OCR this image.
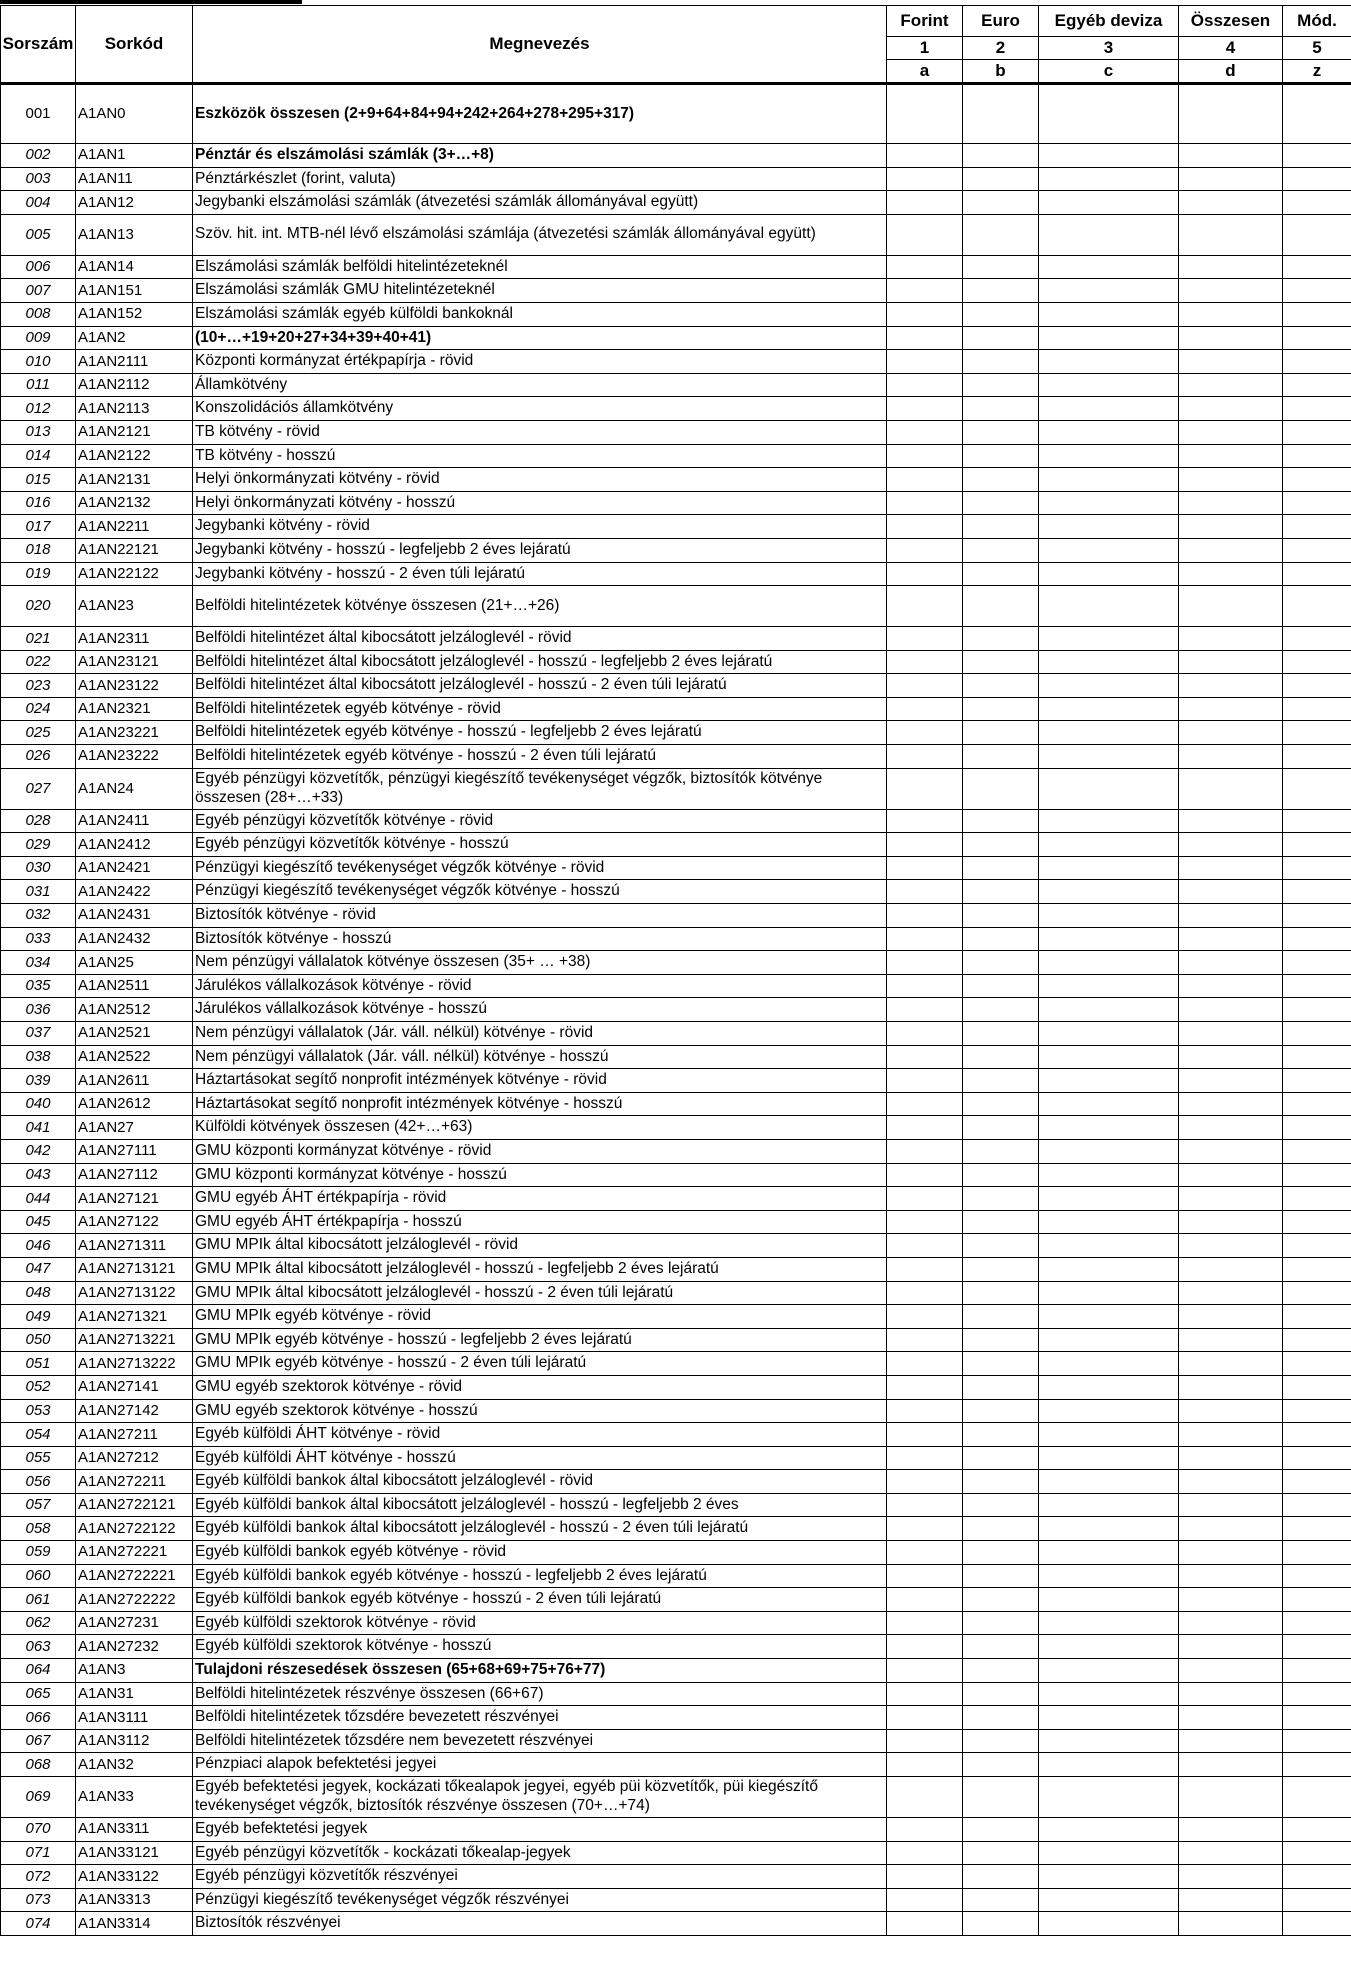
Sorszám	Sorkód	Megnevezés	Forint	Euro	Egyéb deviza	Összesen	Mód.
			1	2	3	4	5
			a	b	c	d	z
001	A1AN0	Eszközök összesen (2+9+64+84+94+242+264+278+295+317)					
002	A1AN1	Pénztár és elszámolási számlák (3+…+8)					
003	A1AN11	Pénztárkészlet (forint, valuta)					
004	A1AN12	Jegybanki elszámolási számlák (átvezetési számlák állományával együtt)					
005	A1AN13	Szöv. hit. int. MTB-nél lévő elszámolási számlája (átvezetési számlák állományával együtt)					
006	A1AN14	Elszámolási számlák belföldi hitelintézeteknél					
007	A1AN151	Elszámolási számlák GMU hitelintézeteknél					
008	A1AN152	Elszámolási számlák egyéb külföldi bankoknál					
009	A1AN2	(10+…+19+20+27+34+39+40+41)					
010	A1AN2111	Központi kormányzat értékpapírja - rövid					
011	A1AN2112	Államkötvény					
012	A1AN2113	Konszolidációs államkötvény					
013	A1AN2121	TB kötvény - rövid					
014	A1AN2122	TB kötvény - hosszú					
015	A1AN2131	Helyi önkormányzati kötvény - rövid					
016	A1AN2132	Helyi önkormányzati kötvény - hosszú					
017	A1AN2211	Jegybanki kötvény - rövid					
018	A1AN22121	Jegybanki kötvény - hosszú - legfeljebb 2 éves lejáratú					
019	A1AN22122	Jegybanki kötvény - hosszú - 2 éven túli lejáratú					
020	A1AN23	Belföldi hitelintézetek kötvénye összesen (21+…+26)					
021	A1AN2311	Belföldi hitelintézet által kibocsátott jelzáloglevél - rövid					
022	A1AN23121	Belföldi hitelintézet által kibocsátott jelzáloglevél - hosszú - legfeljebb 2 éves lejáratú					
023	A1AN23122	Belföldi hitelintézet által kibocsátott jelzáloglevél - hosszú - 2 éven túli lejáratú					
024	A1AN2321	Belföldi hitelintézetek egyéb kötvénye - rövid					
025	A1AN23221	Belföldi hitelintézetek egyéb kötvénye - hosszú - legfeljebb 2 éves lejáratú					
026	A1AN23222	Belföldi hitelintézetek egyéb kötvénye - hosszú - 2 éven túli lejáratú					
027	A1AN24	Egyéb pénzügyi közvetítők, pénzügyi kiegészítő tevékenységet végzők, biztosítók kötvénye összesen (28+…+33)					
028	A1AN2411	Egyéb pénzügyi közvetítők kötvénye - rövid					
029	A1AN2412	Egyéb pénzügyi közvetítők kötvénye - hosszú					
030	A1AN2421	Pénzügyi kiegészítő tevékenységet végzők kötvénye - rövid					
031	A1AN2422	Pénzügyi kiegészítő tevékenységet végzők kötvénye - hosszú					
032	A1AN2431	Biztosítók kötvénye - rövid					
033	A1AN2432	Biztosítók kötvénye - hosszú					
034	A1AN25	Nem pénzügyi vállalatok kötvénye összesen (35+ … +38)					
035	A1AN2511	Járulékos vállalkozások kötvénye - rövid					
036	A1AN2512	Járulékos vállalkozások kötvénye - hosszú					
037	A1AN2521	Nem pénzügyi vállalatok (Jár. váll. nélkül) kötvénye - rövid					
038	A1AN2522	Nem pénzügyi vállalatok (Jár. váll. nélkül) kötvénye - hosszú					
039	A1AN2611	Háztartásokat segítő nonprofit intézmények kötvénye - rövid					
040	A1AN2612	Háztartásokat segítő nonprofit intézmények kötvénye - hosszú					
041	A1AN27	Külföldi kötvények összesen (42+…+63)					
042	A1AN27111	GMU központi kormányzat kötvénye - rövid					
043	A1AN27112	GMU központi kormányzat kötvénye - hosszú					
044	A1AN27121	GMU egyéb ÁHT értékpapírja - rövid					
045	A1AN27122	GMU egyéb ÁHT értékpapírja - hosszú					
046	A1AN271311	GMU MPIk által kibocsátott jelzáloglevél - rövid					
047	A1AN2713121	GMU MPIk által kibocsátott jelzáloglevél - hosszú - legfeljebb 2 éves lejáratú					
048	A1AN2713122	GMU MPIk által kibocsátott jelzáloglevél - hosszú - 2 éven túli lejáratú					
049	A1AN271321	GMU MPIk egyéb kötvénye - rövid					
050	A1AN2713221	GMU MPIk egyéb kötvénye - hosszú - legfeljebb 2 éves lejáratú					
051	A1AN2713222	GMU MPIk egyéb kötvénye - hosszú - 2 éven túli lejáratú					
052	A1AN27141	GMU egyéb szektorok kötvénye - rövid					
053	A1AN27142	GMU egyéb szektorok kötvénye - hosszú					
054	A1AN27211	Egyéb külföldi ÁHT kötvénye - rövid					
055	A1AN27212	Egyéb külföldi ÁHT kötvénye - hosszú					
056	A1AN272211	Egyéb külföldi bankok által kibocsátott jelzáloglevél - rövid					
057	A1AN2722121	Egyéb külföldi bankok által kibocsátott jelzáloglevél - hosszú - legfeljebb 2 éves					
058	A1AN2722122	Egyéb külföldi bankok által kibocsátott jelzáloglevél - hosszú - 2 éven túli lejáratú					
059	A1AN272221	Egyéb külföldi bankok egyéb kötvénye - rövid					
060	A1AN2722221	Egyéb külföldi bankok egyéb kötvénye - hosszú - legfeljebb 2 éves lejáratú					
061	A1AN2722222	Egyéb külföldi bankok egyéb kötvénye - hosszú - 2 éven túli lejáratú					
062	A1AN27231	Egyéb külföldi szektorok kötvénye - rövid					
063	A1AN27232	Egyéb külföldi szektorok kötvénye - hosszú					
064	A1AN3	Tulajdoni részesedések összesen (65+68+69+75+76+77)					
065	A1AN31	Belföldi hitelintézetek részvénye összesen (66+67)					
066	A1AN3111	Belföldi hitelintézetek tőzsdére bevezetett részvényei					
067	A1AN3112	Belföldi hitelintézetek tőzsdére nem bevezetett részvényei					
068	A1AN32	Pénzpiaci alapok befektetési jegyei					
069	A1AN33	Egyéb befektetési jegyek, kockázati tőkealapok jegyei, egyéb püi közvetítők, püi kiegészítő tevékenységet végzők, biztosítók részvénye összesen (70+…+74)					
070	A1AN3311	Egyéb befektetési jegyek					
071	A1AN33121	Egyéb pénzügyi közvetítők - kockázati tőkealap-jegyek					
072	A1AN33122	Egyéb pénzügyi közvetítők részvényei					
073	A1AN3313	Pénzügyi kiegészítő tevékenységet végzők részvényei					
074	A1AN3314	Biztosítók részvényei					
